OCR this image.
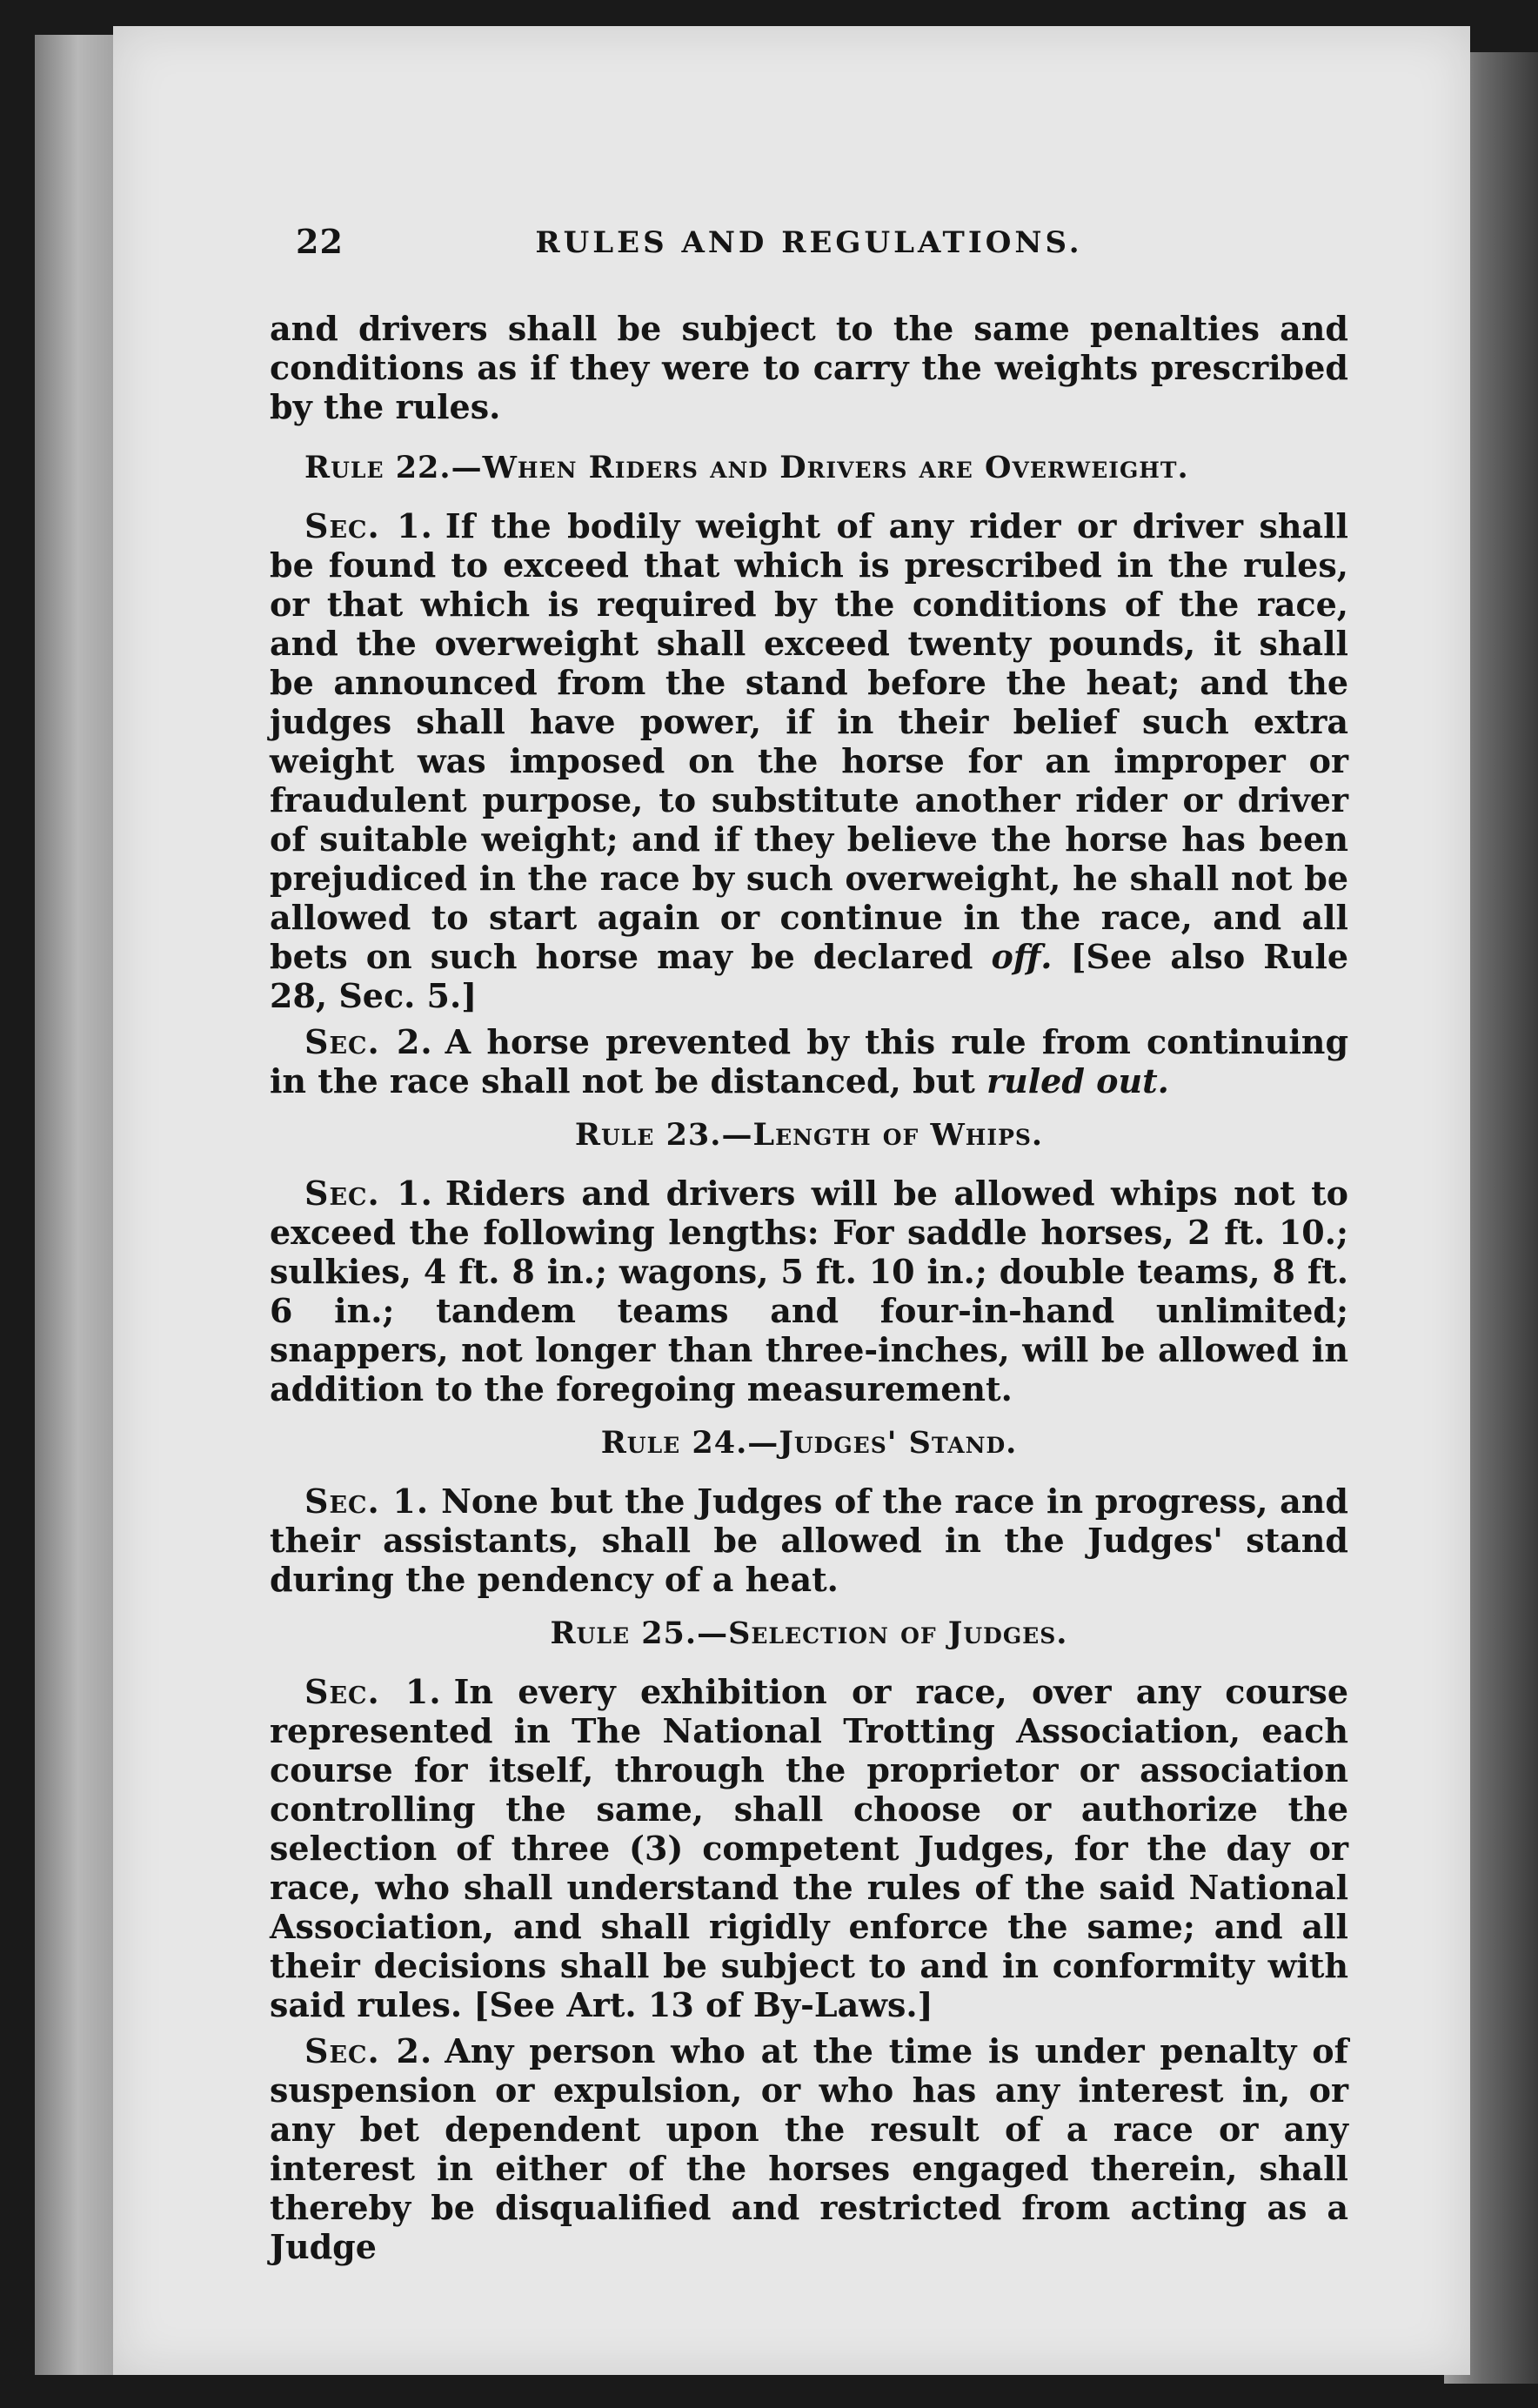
22	RULES AND REGULATIONS.

and drivers shall be subject to the same penalties and conditions as if they were to carry the weights prescribed by the rules.

Rule 22.—When Riders and Drivers are Overweight.

Sec. 1. If the bodily weight of any rider or driver shall be found to exceed that which is prescribed in the rules, or that which is required by the conditions of the race, and the overweight shall exceed twenty pounds, it shall be announced from the stand before the heat; and the judges shall have power, if in their belief such extra weight was imposed on the horse for an improper or fraudulent purpose, to substitute another rider or driver of suitable weight; and if they believe the horse has been prejudiced in the race by such overweight, he shall not be allowed to start again or continue in the race, and all bets on such horse may be declared off. [See also Rule 28, Sec. 5.]

Sec. 2. A horse prevented by this rule from continuing in the race shall not be distanced, but ruled out.

Rule 23.—Length of Whips.

Sec. 1. Riders and drivers will be allowed whips not to exceed the following lengths: For saddle horses, 2 ft. 10.; sulkies, 4 ft. 8 in.; wagons, 5 ft. 10 in.; double teams, 8 ft. 6 in.; tandem teams and four-in-hand unlimited; snappers, not longer than three-inches, will be allowed in addition to the foregoing measurement.

Rule 24.—Judges' Stand.

Sec. 1. None but the Judges of the race in progress, and their assistants, shall be allowed in the Judges' stand during the pendency of a heat.

Rule 25.—Selection of Judges.

Sec. 1. In every exhibition or race, over any course represented in The National Trotting Association, each course for itself, through the proprietor or association controlling the same, shall choose or authorize the selection of three (3) competent Judges, for the day or race, who shall understand the rules of the said National Association, and shall rigidly enforce the same; and all their decisions shall be subject to and in conformity with said rules. [See Art. 13 of By-Laws.]

Sec. 2. Any person who at the time is under penalty of suspension or expulsion, or who has any interest in, or any bet dependent upon the result of a race or any interest in either of the horses engaged therein, shall thereby be disqualified and restricted from acting as a Judge
